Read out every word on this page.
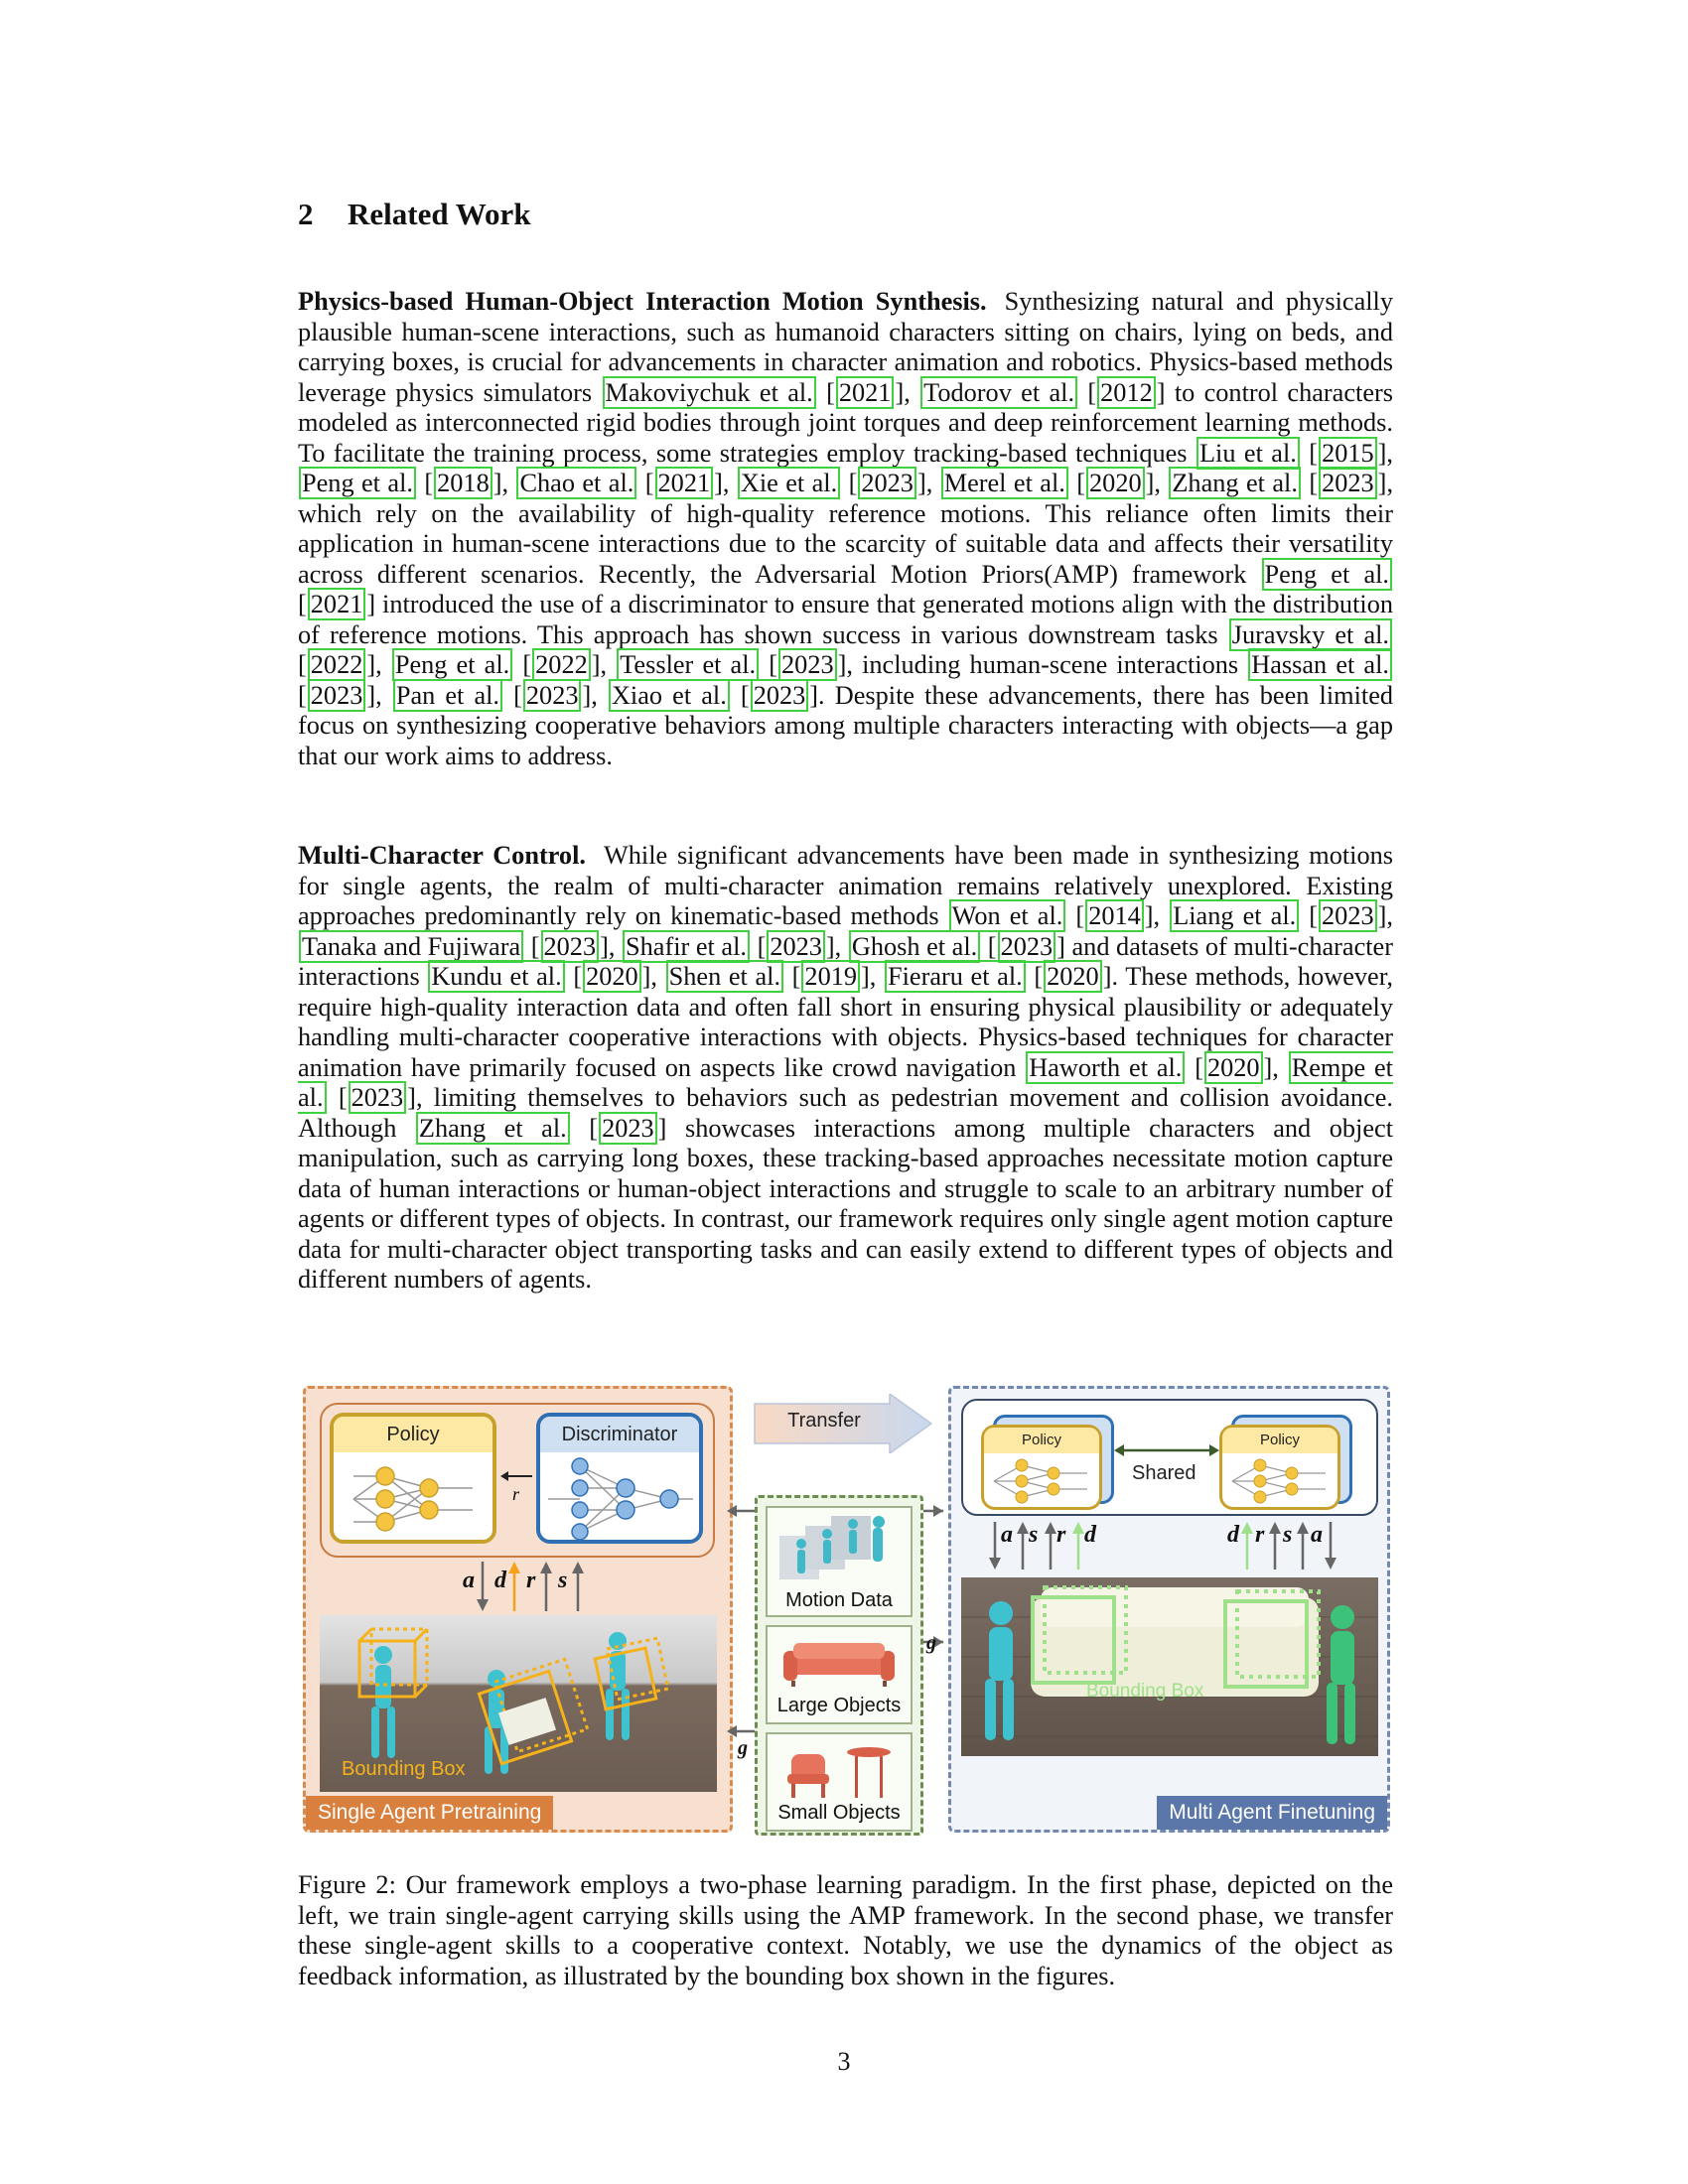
2 Related Work

Physics-based Human-Object Interaction Motion Synthesis. Synthesizing natural and physically plausible human-scene interactions, such as humanoid characters sitting on chairs, lying on beds, and carrying boxes, is crucial for advancements in character animation and robotics. Physics-based methods leverage physics simulators Makoviychuk et al. [ 2021 ], Todorov et al. [ 2012 ] to control characters modeled as interconnected rigid bodies through joint torques and deep reinforcement learning methods. To facilitate the training process, some strategies employ tracking-based techniques Liu et al. [ 2015 ], Peng et al. [ 2018 ], Chao et al. [ 2021 ], Xie et al. [ 2023 ], Merel et al. [ 2020 ], Zhang et al. [ 2023 ], which rely on the availability of high-quality reference motions. This reliance often limits their application in human-scene interactions due to the scarcity of suitable data and affects their versatility across different scenarios. Recently, the Adversarial Motion Priors(AMP) framework Peng et al. [ 2021 ] introduced the use of a discriminator to ensure that generated motions align with the distribution of reference motions. This approach has shown success in various downstream tasks Juravsky et al. [ 2022 ], Peng et al. [ 2022 ], Tessler et al. [ 2023 ], including human-scene interactions Hassan et al. [ 2023 ], Pan et al. [ 2023 ], Xiao et al. [ 2023 ]. Despite these advancements, there has been limited focus on synthesizing cooperative behaviors among multiple characters interacting with objects—a gap that our work aims to address.

Multi-Character Control. While significant advancements have been made in synthesizing motions for single agents, the realm of multi-character animation remains relatively unexplored. Existing approaches predominantly rely on kinematic-based methods Won et al. [ 2014 ], Liang et al. [ 2023 ], Tanaka and Fujiwara [ 2023 ], Shafir et al. [ 2023 ], Ghosh et al. [ 2023 ] and datasets of multi-character interactions Kundu et al. [ 2020 ], Shen et al. [ 2019 ], Fieraru et al. [ 2020 ]. These methods, however, require high-quality interaction data and often fall short in ensuring physical plausibility or adequately handling multi-character cooperative interactions with objects. Physics-based techniques for character animation have primarily focused on aspects like crowd navigation Haworth et al. [ 2020 ], Rempe et al. [ 2023 ], limiting themselves to behaviors such as pedestrian movement and collision avoidance. Although Zhang et al. [ 2023 ] showcases interactions among multiple characters and object manipulation, such as carrying long boxes, these tracking-based approaches necessitate motion capture data of human interactions or human-object interactions and struggle to scale to an arbitrary number of agents or different types of objects. In contrast, our framework requires only single agent motion capture data for multi-character object transporting tasks and can easily extend to different types of objects and different numbers of agents.

Policy	Discriminator
r
a d r s
Bounding Box
Single Agent Pretraining
Transfer
Motion Data
Large Objects
Small Objects
g
g
Policy	Policy
Shared
a s r d	d r s a
Bounding Box
Multi Agent Finetuning

Figure 2: Our framework employs a two-phase learning paradigm. In the first phase, depicted on the left, we train single-agent carrying skills using the AMP framework. In the second phase, we transfer these single-agent skills to a cooperative context. Notably, we use the dynamics of the object as feedback information, as illustrated by the bounding box shown in the figures.

3
